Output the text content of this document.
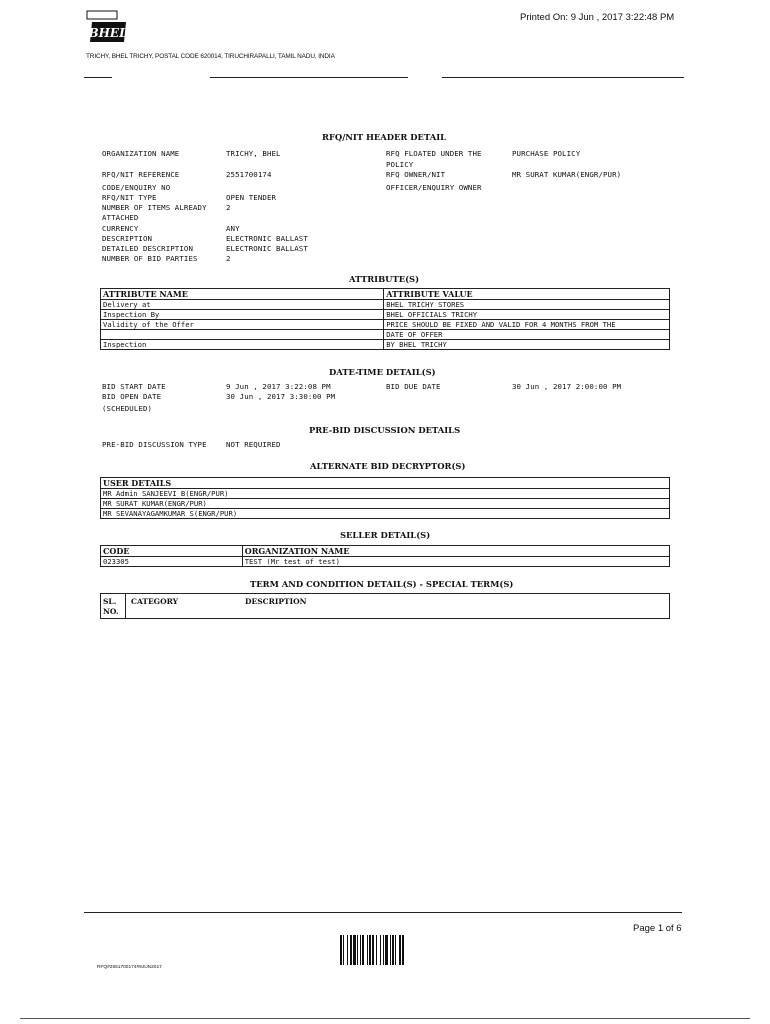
BHEL
Printed On: 9 Jun , 2017 3:22:48 PM
TRICHY, BHEL TRICHY, POSTAL CODE 620014, TIRUCHIRAPALLI, TAMIL NADU, INDIA
RFQ/NIT HEADER DETAIL
ORGANIZATION NAME	TRICHY, BHEL
RFQ/NIT REFERENCE	2551700174
CODE/ENQUIRY NO
RFQ/NIT TYPE	OPEN TENDER
NUMBER OF ITEMS ALREADY	2
ATTACHED
CURRENCY	ANY
DESCRIPTION	ELECTRONIC BALLAST
DETAILED DESCRIPTION	ELECTRONIC BALLAST
NUMBER OF BID PARTIES	2
RFQ FLOATED UNDER THE	PURCHASE POLICY
POLICY
RFQ OWNER/NIT	MR SURAT KUMAR(ENGR/PUR)
OFFICER/ENQUIRY OWNER
ATTRIBUTE(S)
ATTRIBUTE NAME	ATTRIBUTE VALUE
Delivery at	BHEL TRICHY STORES
Inspection By	BHEL OFFICIALS TRICHY
Validity of the Offer	PRICE SHOULD BE FIXED AND VALID FOR 4 MONTHS FROM THE
	DATE OF OFFER
Inspection	BY BHEL TRICHY
DATE-TIME DETAIL(S)
BID START DATE	9 Jun , 2017 3:22:08 PM	BID DUE DATE	30 Jun , 2017 2:00:00 PM
BID OPEN DATE	30 Jun , 2017 3:30:00 PM
(SCHEDULED)
PRE-BID DISCUSSION DETAILS
PRE-BID DISCUSSION TYPE	NOT REQUIRED
ALTERNATE BID DECRYPTOR(S)
USER DETAILS
MR Admin SANJEEVI B(ENGR/PUR)
MR SURAT KUMAR(ENGR/PUR)
MR SEVANAYAGAMKUMAR S(ENGR/PUR)
SELLER DETAIL(S)
CODE	ORGANIZATION NAME
023305	TEST (Mr test of test)
TERM AND CONDITION DETAIL(S) - SPECIAL TERM(S)
SL.
NO.
CATEGORY	DESCRIPTION
Page 1 of 6
RFQ#2551700174#9JUN2017
